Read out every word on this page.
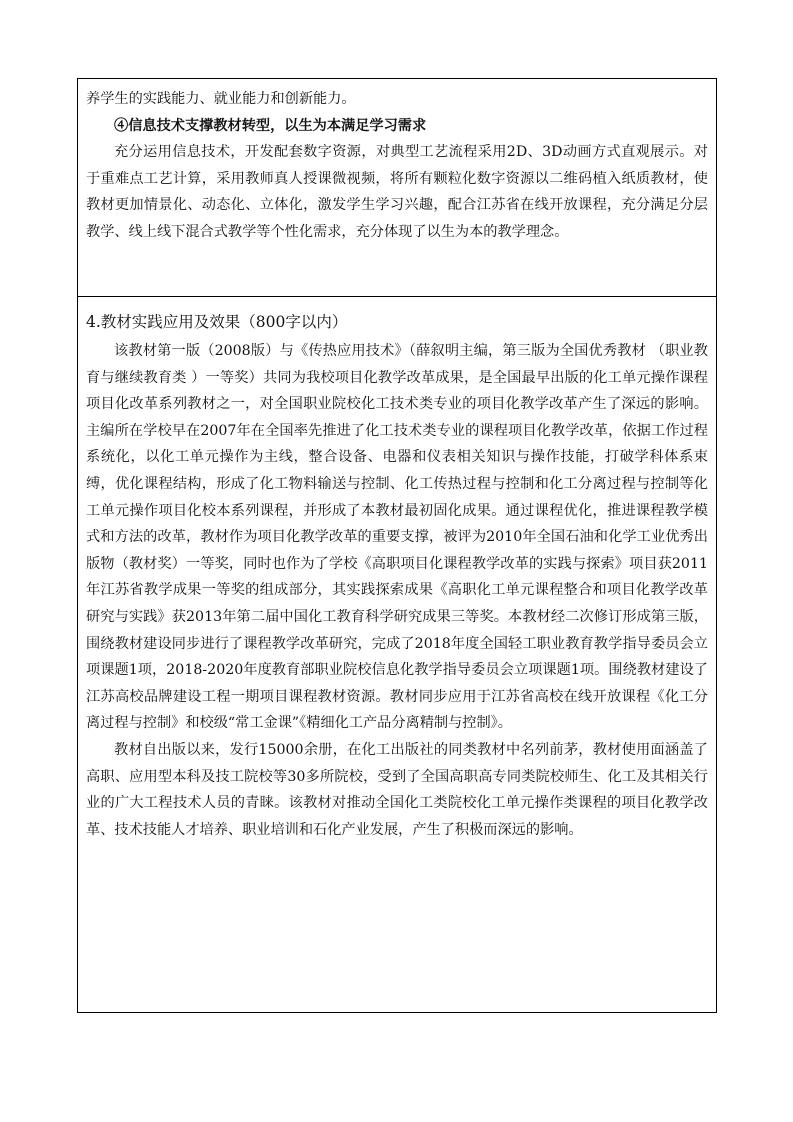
养学生的实践能力、就业能力和创新能力。

④信息技术支撑教材转型，以生为本满足学习需求

充分运用信息技术，开发配套数字资源，对典型工艺流程采用2D、3D动画方式直观展示。对于重难点工艺计算，采用教师真人授课微视频，将所有颗粒化数字资源以二维码植入纸质教材，使教材更加情景化、动态化、立体化，激发学生学习兴趣，配合江苏省在线开放课程，充分满足分层教学、线上线下混合式教学等个性化需求，充分体现了以生为本的教学理念。

4.教材实践应用及效果（800字以内）

该教材第一版（2008版）与《传热应用技术》（薛叙明主编，第三版为全国优秀教材 （职业教育与继续教育类 ）一等奖）共同为我校项目化教学改革成果，是全国最早出版的化工单元操作课程项目化改革系列教材之一，对全国职业院校化工技术类专业的项目化教学改革产生了深远的影响。主编所在学校早在2007年在全国率先推进了化工技术类专业的课程项目化教学改革，依据工作过程系统化，以化工单元操作为主线，整合设备、电器和仪表相关知识与操作技能，打破学科体系束缚，优化课程结构，形成了化工物料输送与控制、化工传热过程与控制和化工分离过程与控制等化工单元操作项目化校本系列课程，并形成了本教材最初固化成果。通过课程优化，推进课程教学模式和方法的改革，教材作为项目化教学改革的重要支撑，被评为2010年全国石油和化学工业优秀出版物（教材奖）一等奖，同时也作为了学校《高职项目化课程教学改革的实践与探索》项目获2011年江苏省教学成果一等奖的组成部分，其实践探索成果《高职化工单元课程整合和项目化教学改革研究与实践》获2013年第二届中国化工教育科学研究成果三等奖。本教材经二次修订形成第三版，围绕教材建设同步进行了课程教学改革研究，完成了2018年度全国轻工职业教育教学指导委员会立项课题1项，2018-2020年度教育部职业院校信息化教学指导委员会立项课题1项。围绕教材建设了江苏高校品牌建设工程一期项目课程教材资源。教材同步应用于江苏省高校在线开放课程《化工分离过程与控制》和校级“常工金课”《精细化工产品分离精制与控制》。

教材自出版以来，发行15000余册，在化工出版社的同类教材中名列前茅，教材使用面涵盖了高职、应用型本科及技工院校等30多所院校，受到了全国高职高专同类院校师生、化工及其相关行业的广大工程技术人员的青睐。该教材对推动全国化工类院校化工单元操作类课程的项目化教学改革、技术技能人才培养、职业培训和石化产业发展，产生了积极而深远的影响。
